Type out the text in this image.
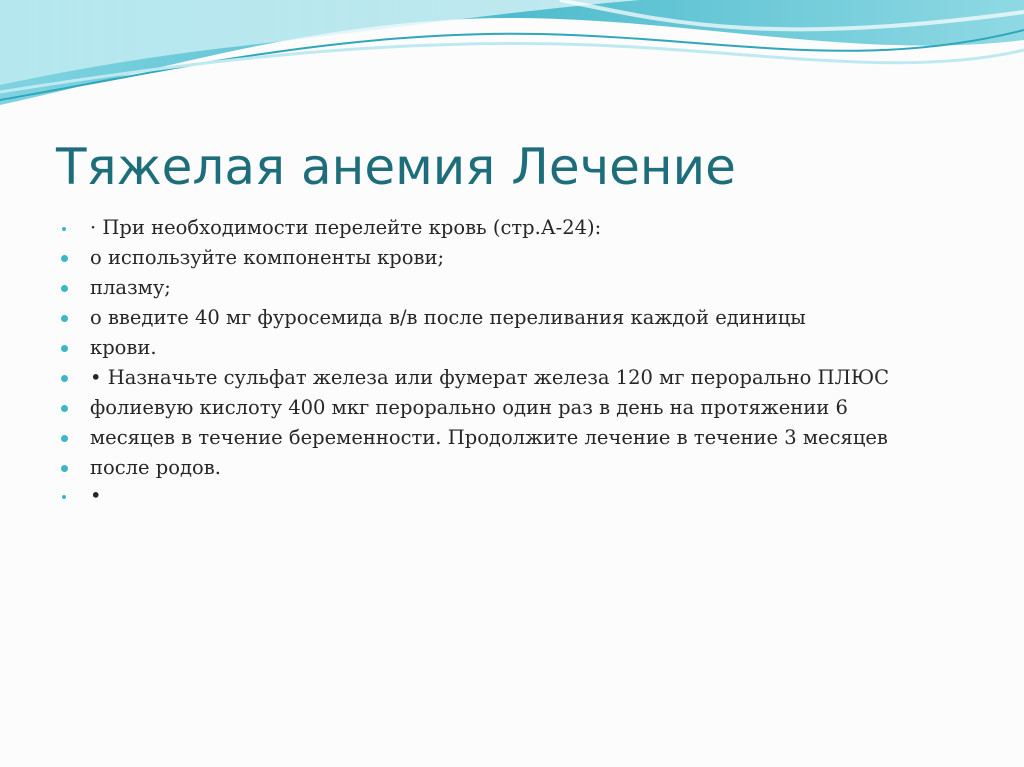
Тяжелая анемия Лечение
· При необходимости перелейте кровь (стр.А-24):
о используйте компоненты крови;
плазму;
о введите 40 мг фуросемида в/в после переливания каждой единицы
крови.
• Назначьте сульфат железа или фумерат железа 120 мг перорально ПЛЮС
фолиевую кислоту 400 мкг перорально один раз в день на протяжении 6
месяцев в течение беременности. Продолжите лечение в течение 3 месяцев
после родов.
•
